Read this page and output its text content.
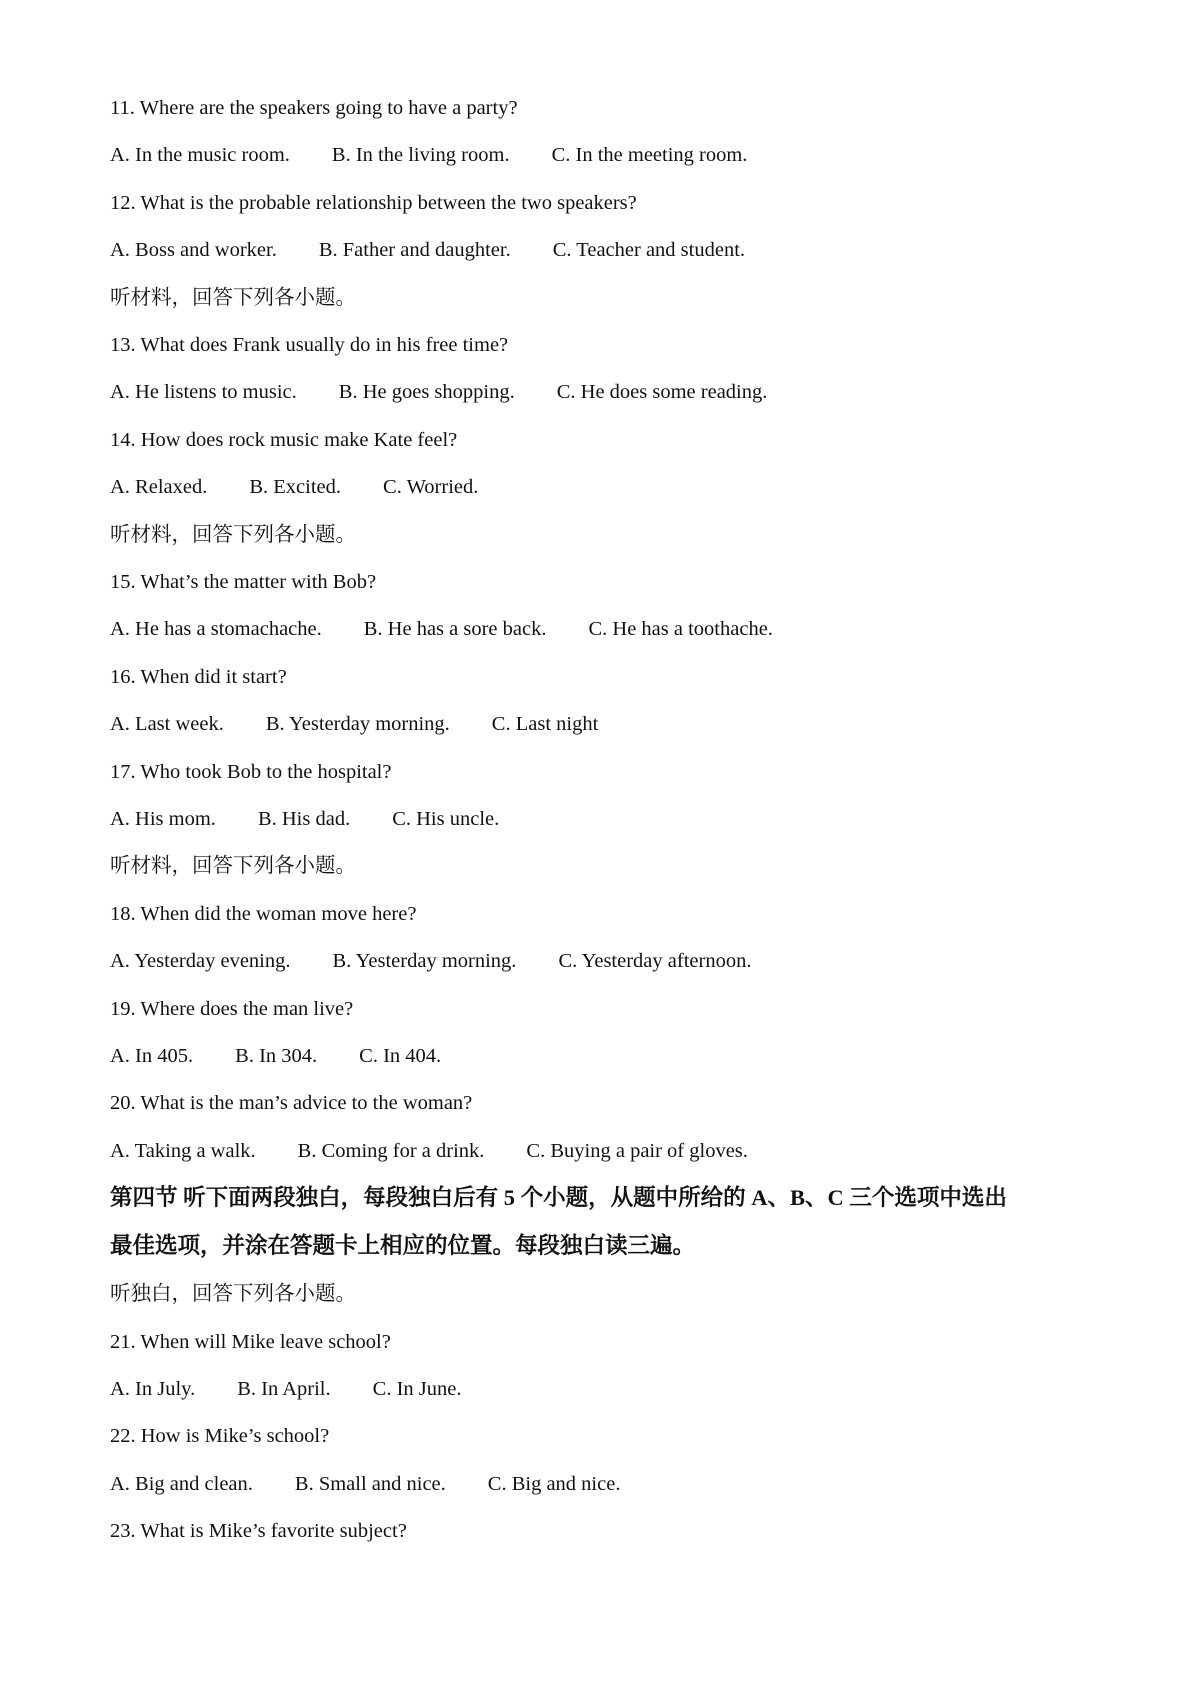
11. Where are the speakers going to have a party?
A. In the music room. B. In the living room. C. In the meeting room.
12. What is the probable relationship between the two speakers?
A. Boss and worker. B. Father and daughter. C. Teacher and student.
听材料，回答下列各小题。
13. What does Frank usually do in his free time?
A. He listens to music. B. He goes shopping. C. He does some reading.
14. How does rock music make Kate feel?
A. Relaxed. B. Excited. C. Worried.
听材料，回答下列各小题。
15. What’s the matter with Bob?
A. He has a stomachache. B. He has a sore back. C. He has a toothache.
16. When did it start?
A. Last week. B. Yesterday morning. C. Last night
17. Who took Bob to the hospital?
A. His mom. B. His dad. C. His uncle.
听材料，回答下列各小题。
18. When did the woman move here?
A. Yesterday evening. B. Yesterday morning. C. Yesterday afternoon.
19. Where does the man live?
A. In 405. B. In 304. C. In 404.
20. What is the man’s advice to the woman?
A. Taking a walk. B. Coming for a drink. C. Buying a pair of gloves.
第四节 听下面两段独白，每段独白后有 5 个小题，从题中所给的 A、B、C 三个选项中选出
最佳选项，并涂在答题卡上相应的位置。每段独白读三遍。
听独白，回答下列各小题。
21. When will Mike leave school?
A. In July. B. In April. C. In June.
22. How is Mike’s school?
A. Big and clean. B. Small and nice. C. Big and nice.
23. What is Mike’s favorite subject?
